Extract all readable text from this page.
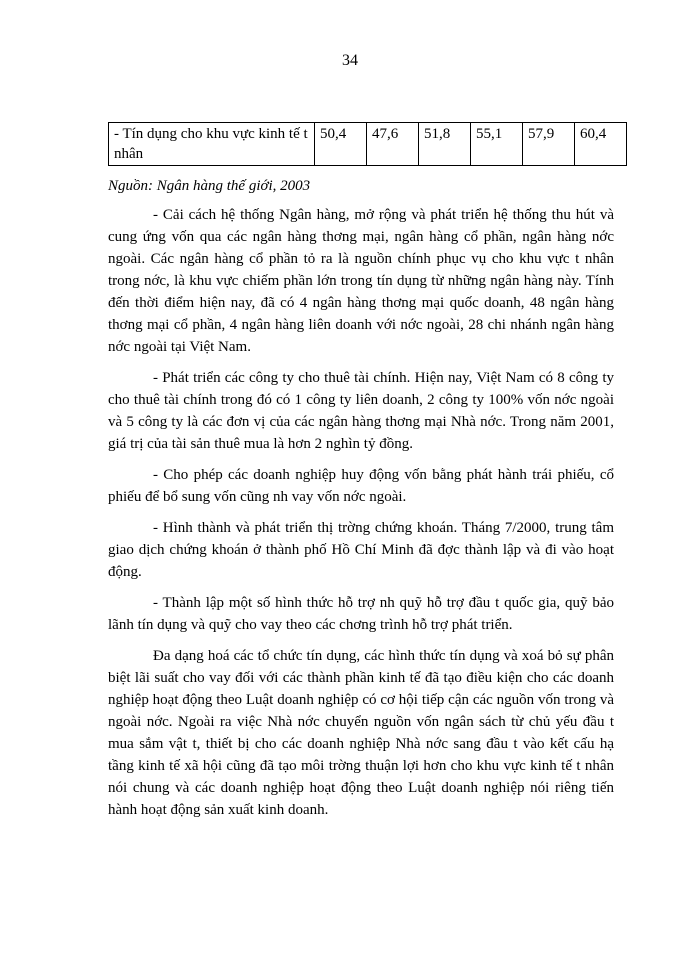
34
- Tín dụng cho khu vực kinh tế t nhân	50,4	47,6	51,8	55,1	57,9	60,4
Nguồn: Ngân hàng thế giới, 2003

- Cải cách hệ thống Ngân hàng, mở rộng và phát triển hệ thống thu hút và cung ứng vốn qua các ngân hàng thơng mại, ngân hàng cổ phần, ngân hàng nớc ngoài. Các ngân hàng cổ phần tỏ ra là nguồn chính phục vụ cho khu vực t nhân trong nớc, là khu vực chiếm phần lớn trong tín dụng từ những ngân hàng này. Tính đến thời điểm hiện nay, đã có 4 ngân hàng thơng mại quốc doanh, 48 ngân hàng thơng mại cổ phần, 4 ngân hàng liên doanh với nớc ngoài, 28 chi nhánh ngân hàng nớc ngoài tại Việt Nam.

- Phát triển các công ty cho thuê tài chính. Hiện nay, Việt Nam có 8 công ty cho thuê tài chính trong đó có 1 công ty liên doanh, 2 công ty 100% vốn nớc ngoài và 5 công ty là các đơn vị của các ngân hàng thơng mại Nhà nớc. Trong năm 2001, giá trị của tài sản thuê mua là hơn 2 nghìn tỷ đồng.

- Cho phép các doanh nghiệp huy động vốn bằng phát hành trái phiếu, cổ phiếu để bổ sung vốn cũng nh vay vốn nớc ngoài.

- Hình thành và phát triển thị trờng chứng khoán. Tháng 7/2000, trung tâm giao dịch chứng khoán ở thành phố Hồ Chí Minh đã đợc thành lập và đi vào hoạt động.

- Thành lập một số hình thức hỗ trợ nh quỹ hỗ trợ đầu t quốc gia, quỹ bảo lãnh tín dụng và quỹ cho vay theo các chơng trình hỗ trợ phát triển.

Đa dạng hoá các tổ chức tín dụng, các hình thức tín dụng và xoá bỏ sự phân biệt lãi suất cho vay đối với các thành phần kinh tế đã tạo điều kiện cho các doanh nghiệp hoạt động theo Luật doanh nghiệp có cơ hội tiếp cận các nguồn vốn trong và ngoài nớc. Ngoài ra việc Nhà nớc chuyển nguồn vốn ngân sách từ chủ yếu đầu t mua sắm vật t, thiết bị cho các doanh nghiệp Nhà nớc sang đầu t vào kết cấu hạ tầng kinh tế xã hội cũng đã tạo môi trờng thuận lợi hơn cho khu vực kinh tế t nhân nói chung và các doanh nghiệp hoạt động theo Luật doanh nghiệp nói riêng tiến hành hoạt động sản xuất kinh doanh.
